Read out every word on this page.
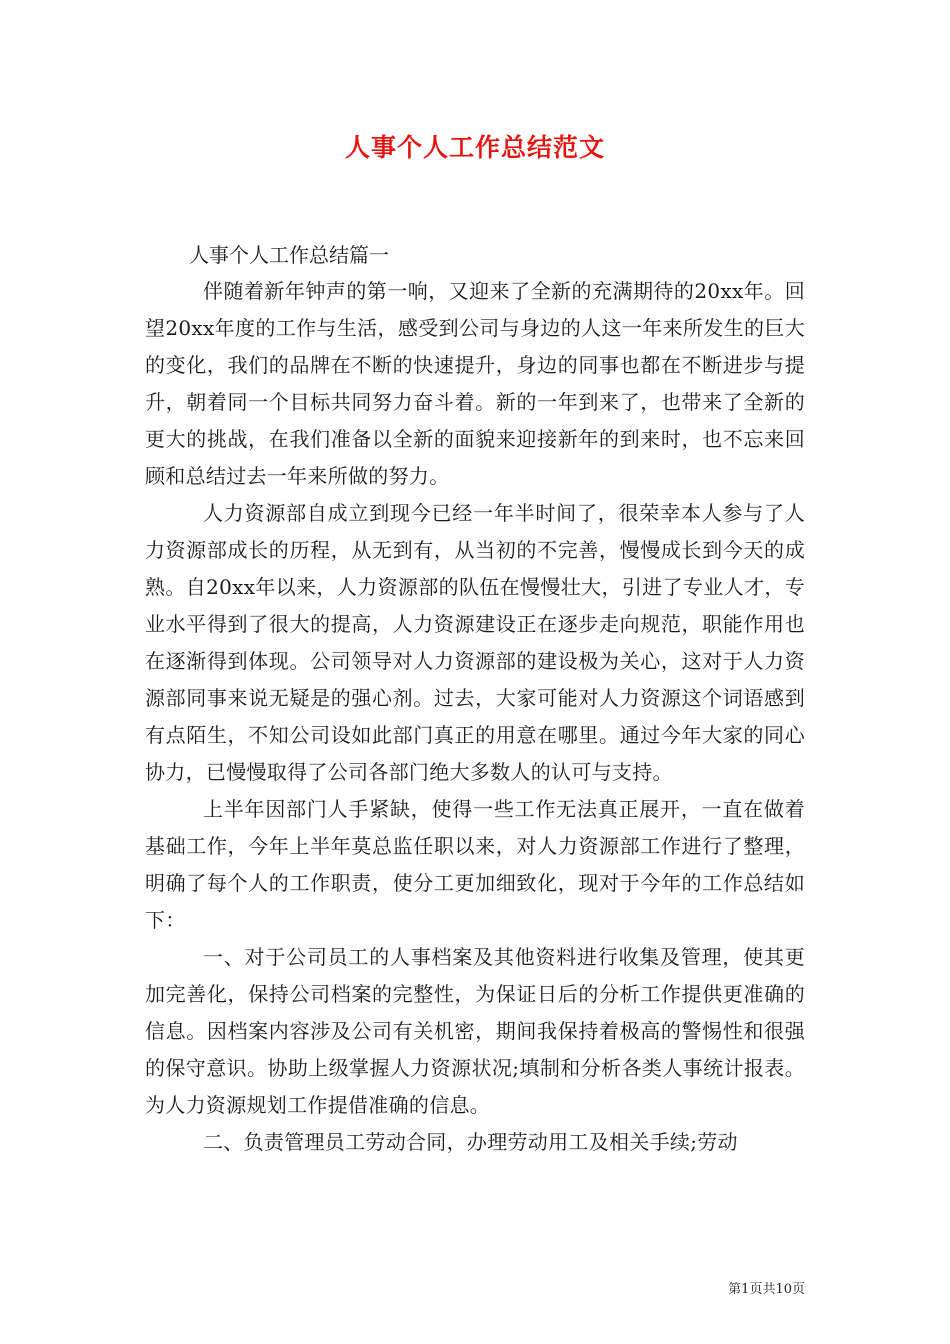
人事个人工作总结范文

人事个人工作总结篇一

伴随着新年钟声的第一响，又迎来了全新的充满期待的20xx年。回望20xx年度的工作与生活，感受到公司与身边的人这一年来所发生的巨大的变化，我们的品牌在不断的快速提升，身边的同事也都在不断进步与提升，朝着同一个目标共同努力奋斗着。新的一年到来了，也带来了全新的更大的挑战，在我们准备以全新的面貌来迎接新年的到来时，也不忘来回顾和总结过去一年来所做的努力。

人力资源部自成立到现今已经一年半时间了，很荣幸本人参与了人力资源部成长的历程，从无到有，从当初的不完善，慢慢成长到今天的成熟。自20xx年以来，人力资源部的队伍在慢慢壮大，引进了专业人才，专业水平得到了很大的提高，人力资源建设正在逐步走向规范，职能作用也在逐渐得到体现。公司领导对人力资源部的建设极为关心，这对于人力资源部同事来说无疑是的强心剂。过去，大家可能对人力资源这个词语感到有点陌生，不知公司设如此部门真正的用意在哪里。通过今年大家的同心协力，已慢慢取得了公司各部门绝大多数人的认可与支持。

上半年因部门人手紧缺，使得一些工作无法真正展开，一直在做着基础工作，今年上半年莫总监任职以来，对人力资源部工作进行了整理，明确了每个人的工作职责，使分工更加细致化，现对于今年的工作总结如下：

一、对于公司员工的人事档案及其他资料进行收集及管理，使其更加完善化，保持公司档案的完整性，为保证日后的分析工作提供更准确的信息。因档案内容涉及公司有关机密，期间我保持着极高的警惕性和很强的保守意识。协助上级掌握人力资源状况;填制和分析各类人事统计报表。为人力资源规划工作提借准确的信息。

二、负责管理员工劳动合同，办理劳动用工及相关手续;劳动

第1页共10页
